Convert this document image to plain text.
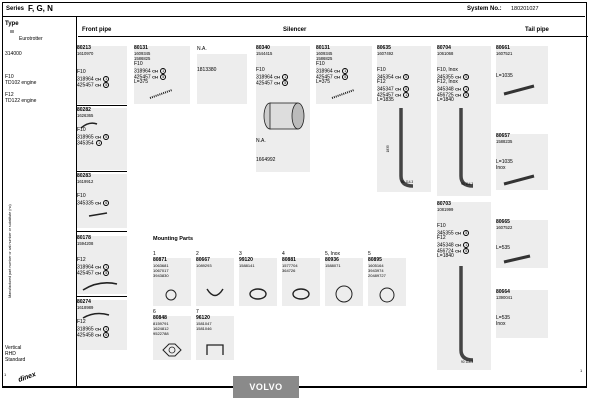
Series F, G, N	System No.: 180201027
Type
Eurotrotter
314000
F10
TD102 engine
F12
TD122 engine
Manufactured part number or cat number or substitute (no)
Vertical
RHD
Standard
1
1
Front pipe	Silencer	Tail pipe
80213
1610970
F10
318964 CH 1
425457 CH 5
80282
1626365
F10
318965 CH 5
345354 1
80283
1619912
F10
345335 CH 6
80178
1594208
F12
318964 CH 1
425457 CH 5
80274
1618989
F12
318965 CH 1
425458 CH 6
80131
1609345
1586825
F10
318964 CH 1
425457 CH 5
L=375
N.A.
1813380
80340
1544415
F10
318964 CH 1
425457 CH 5
N.A.
1664992
80131
1609345
1586825
F10
318964 CH 1
425457 CH 5
L=375
80635
1607492
F10
345354 CH 5
F12
345347 CH 5
425457 CH 1
L=1835
90 114.3
1835
80704
1061068
F10, Inox
345355 CH 5
F12, Inox
345348 CH 1
456725 CH 5
L=1840
90 114.3
80703
1081999
F10
345355 CH 5
F12
345348 CH 1
456724 CH 5
L=1840
90 114.3
80661
1607521
L=1035
80657
1588235
L=1035
Inox
80665
1607522
L=535
80664
1390041
L=535
Inox
Mounting Parts
1
80871
1063681
1067017
3943830
2
80667
1089293
3
99120
1588141
4
80881
1577704
364726
5, Inox
80936
1588071
5
80895
1605164
3943974
20489727
6
80848
8159791
1624812
9522788
7
96120
1581047
1581046
dinex
VOLVO
